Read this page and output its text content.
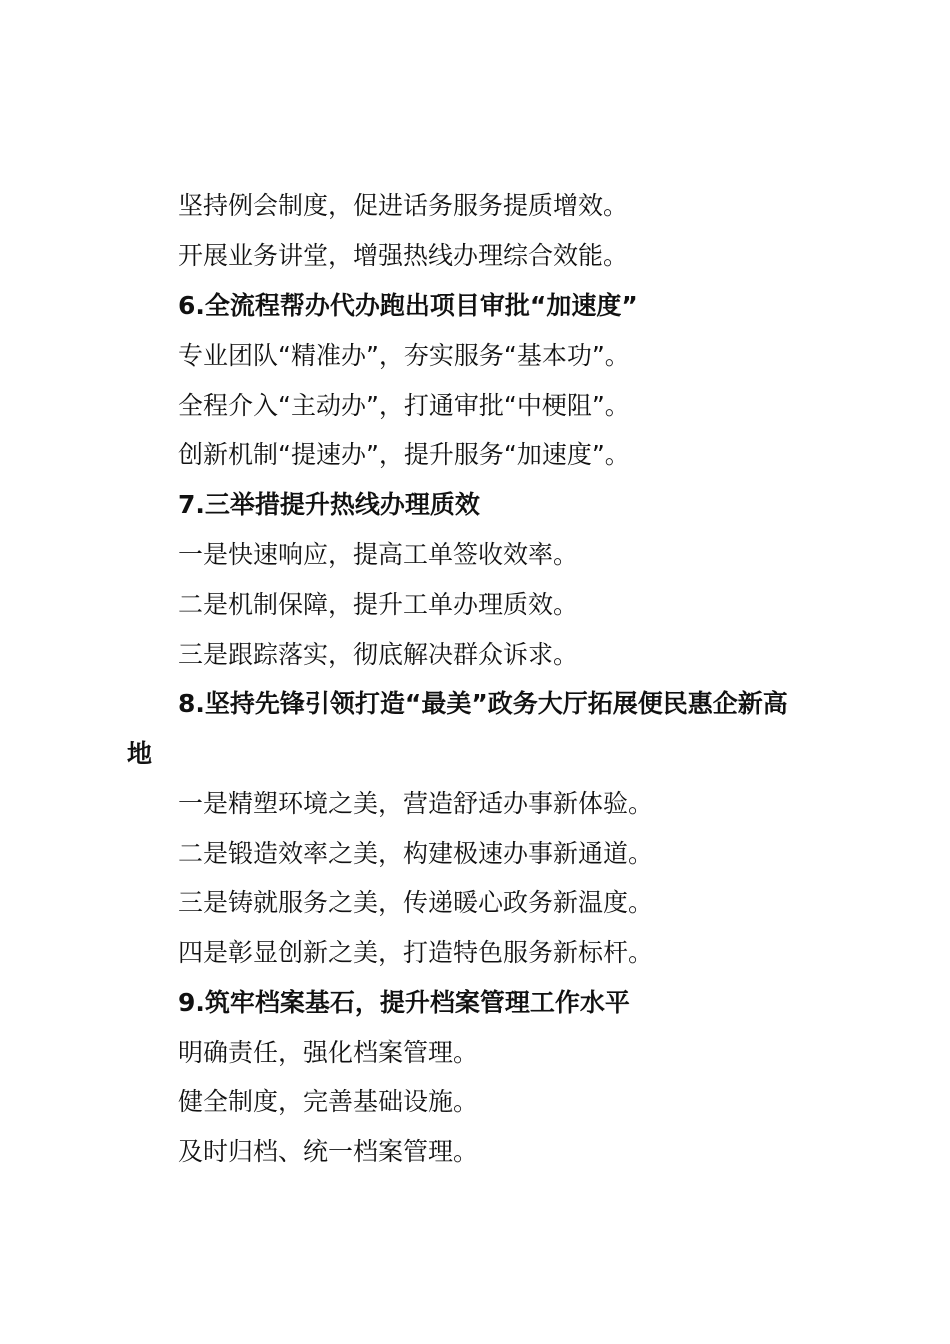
坚持例会制度，促进话务服务提质增效。
开展业务讲堂，增强热线办理综合效能。
6.全流程帮办代办跑出项目审批“加速度”
专业团队“精准办”，夯实服务“基本功”。
全程介入“主动办”，打通审批“中梗阻”。
创新机制“提速办”，提升服务“加速度”。
7.三举措提升热线办理质效
一是快速响应，提高工单签收效率。
二是机制保障，提升工单办理质效。
三是跟踪落实，彻底解决群众诉求。
8.坚持先锋引领打造“最美”政务大厅拓展便民惠企新高
地
一是精塑环境之美，营造舒适办事新体验。
二是锻造效率之美，构建极速办事新通道。
三是铸就服务之美，传递暖心政务新温度。
四是彰显创新之美，打造特色服务新标杆。
9.筑牢档案基石，提升档案管理工作水平
明确责任，强化档案管理。
健全制度，完善基础设施。
及时归档、统一档案管理。
